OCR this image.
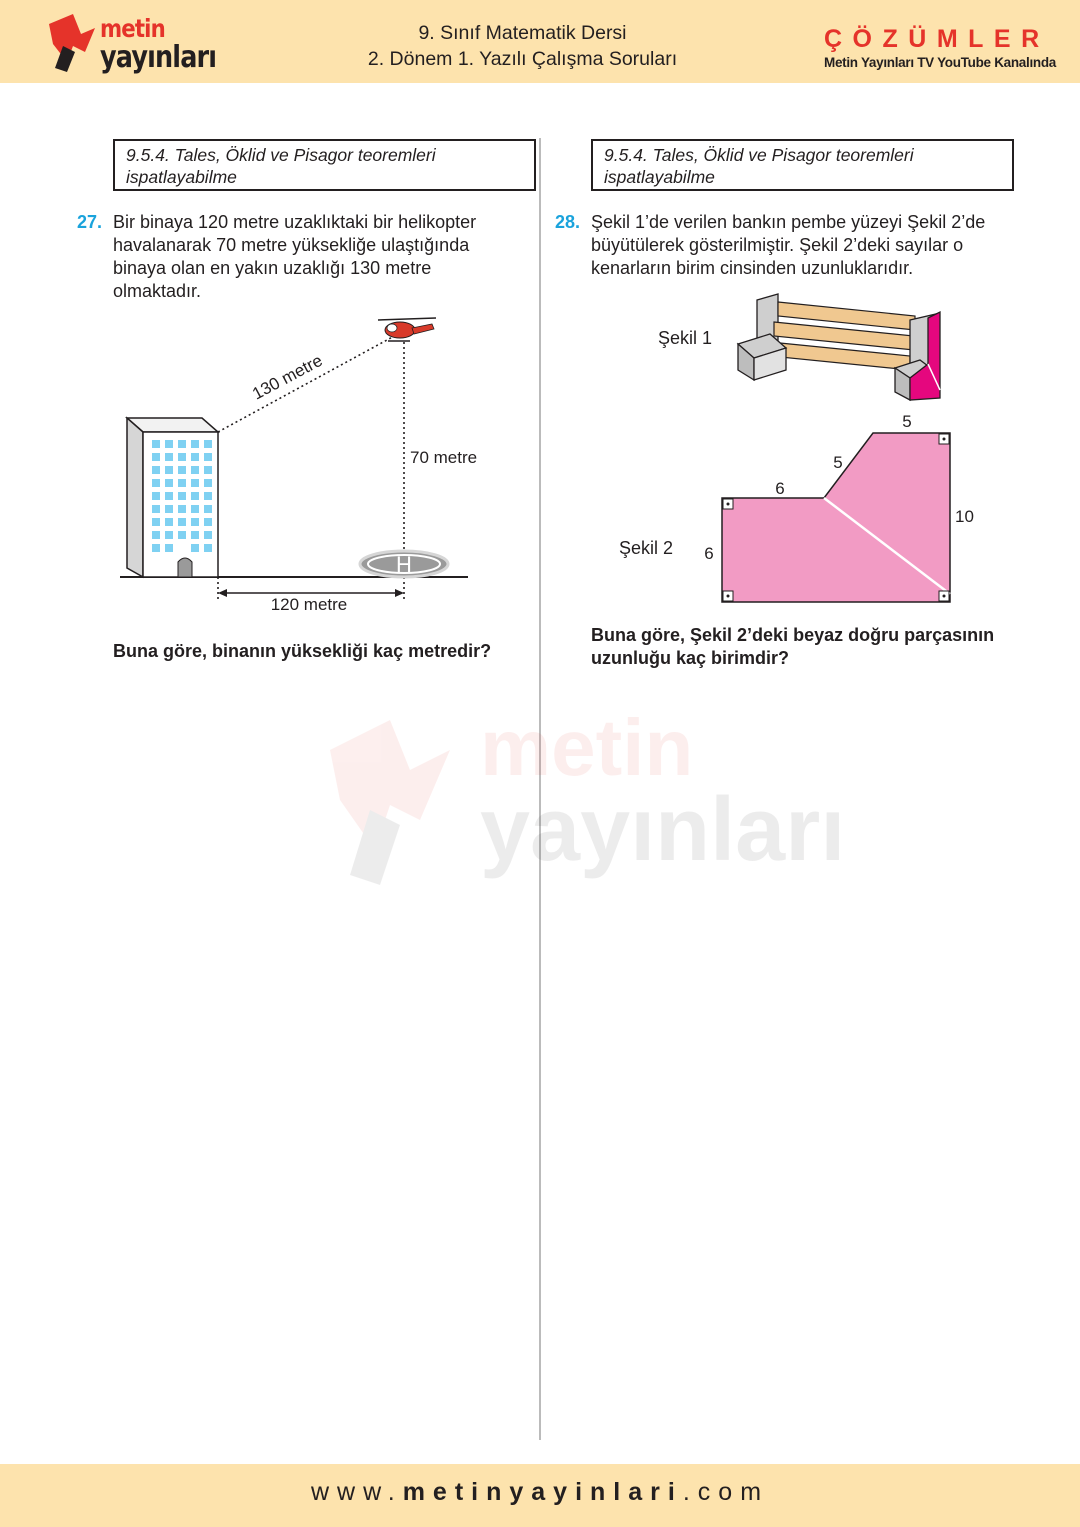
metin
yayınları
9. Sınıf Matematik Dersi
2. Dönem 1. Yazılı Çalışma Soruları
ÇÖZÜMLER
Metin Yayınları TV YouTube Kanalında
metin
yayınları
9.5.4. Tales, Öklid ve Pisagor teoremleri
ispatlayabilme
27. Bir binaya 120 metre uzaklıktaki bir helikopter havalanarak 70 metre yüksekliğe ulaştığında binaya olan en yakın uzaklığı 130 metre olmaktadır.
H
130 metre
70 metre
120 metre
Buna göre, binanın yüksekliği kaç metredir?
9.5.4. Tales, Öklid ve Pisagor teoremleri
ispatlayabilme
28. Şekil 1’de verilen bankın pembe yüzeyi Şekil 2’de büyütülerek gösterilmiştir. Şekil 2’deki sayılar o kenarların birim cinsinden uzunluklarıdır.
Şekil 1
5
5
6
10
6
Şekil 2
Buna göre, Şekil 2’deki beyaz doğru parçasının
uzunluğu kaç birimdir?
www.metinyayinlari.com
